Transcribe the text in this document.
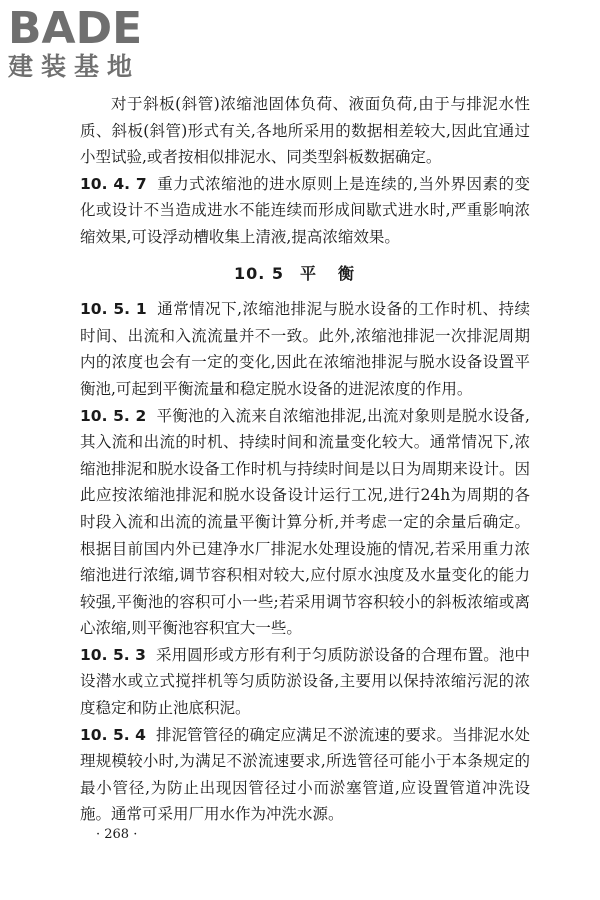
BADE
建装基地

对于斜板(斜管)浓缩池固体负荷、液面负荷,由于与排泥水性质、斜板(斜管)形式有关,各地所采用的数据相差较大,因此宜通过小型试验,或者按相似排泥水、同类型斜板数据确定。

10. 4. 7 重力式浓缩池的进水原则上是连续的,当外界因素的变化或设计不当造成进水不能连续而形成间歇式进水时,严重影响浓缩效果,可设浮动槽收集上清液,提高浓缩效果。

10. 5 平衡

10. 5. 1 通常情况下,浓缩池排泥与脱水设备的工作时机、持续时间、出流和入流流量并不一致。此外,浓缩池排泥一次排泥周期内的浓度也会有一定的变化,因此在浓缩池排泥与脱水设备设置平衡池,可起到平衡流量和稳定脱水设备的进泥浓度的作用。

10. 5. 2 平衡池的入流来自浓缩池排泥,出流对象则是脱水设备,其入流和出流的时机、持续时间和流量变化较大。通常情况下,浓缩池排泥和脱水设备工作时机与持续时间是以日为周期来设计。因此应按浓缩池排泥和脱水设备设计运行工况,进行24h为周期的各时段入流和出流的流量平衡计算分析,并考虑一定的余量后确定。根据目前国内外已建净水厂排泥水处理设施的情况,若采用重力浓缩池进行浓缩,调节容积相对较大,应付原水浊度及水量变化的能力较强,平衡池的容积可小一些;若采用调节容积较小的斜板浓缩或离心浓缩,则平衡池容积宜大一些。

10. 5. 3 采用圆形或方形有利于匀质防淤设备的合理布置。池中设潜水或立式搅拌机等匀质防淤设备,主要用以保持浓缩污泥的浓度稳定和防止池底积泥。

10. 5. 4 排泥管管径的确定应满足不淤流速的要求。当排泥水处理规模较小时,为满足不淤流速要求,所选管径可能小于本条规定的最小管径,为防止出现因管径过小而淤塞管道,应设置管道冲洗设施。通常可采用厂用水作为冲洗水源。

· 268 ·
